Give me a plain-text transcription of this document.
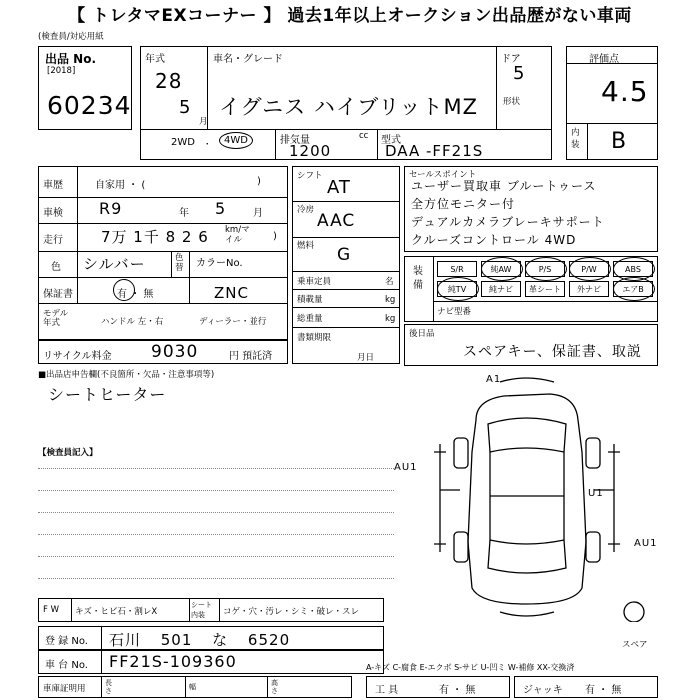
【 トレタマEXコーナー 】 過去1年以上オークション出品歴がない車両
(検査員/対応用紙
出品 No.
[2018]
60234
年式
28
5
月
車名・グレード
イグニス ハイブリットMZ
ドア
5
形状
2WD ・	4WD	排気量
1200
cc 型式
DAA -FF21S
評価点
4.5
内装 B
車歴	自家用 ・ (	)
車検 R9	年 5	月
走行	7万 1千 8 2 6 km/マイル	)
色 シルバー	色替
保証書	有 ・ 無
モデル年式	ハンドル 左・右	ディーラー・並行
カラーNo.
ZNC
リサイクル料金 9030	円 預託済
シフト
AT
冷房
AAC
燃料 G
乗車定員	名
積載量	kg
総重量	kg
書類期限
月日
セールスポイント
ユーザー買取車 ブルートゥース
全方位モニター付
デュアルカメラブレーキサポート
クルーズコントロール 4WD
装備
S/R	純AW	P/S	P/W	ABS
純TV	純ナビ	革シート	外ナビ	エアB
ナビ型番
後日品
スペアキー、保証書、取説
■出品店申告欄(不良箇所・欠品・注意事項等)
シートヒーター
【検査員記入】
A1
AU1
U1
AU1
スペア
F W キズ・ヒビ石・割レX
シート内装	コゲ・穴・汚レ・シミ・破レ・スレ
登 録 No. 石川 501 な 6520
車 台 No. FF21S-109360
車庫証明用
長さ	幅	高さ
A-キズ C-腐食 E-エクボ S-サビ U-凹ミ W-補修 XX-交換済
工 具	有 ・ 無	ジャッキ 有 ・ 無
